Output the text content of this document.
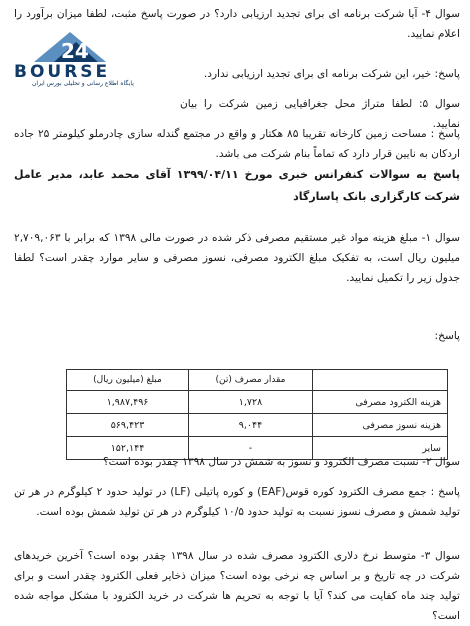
سوال ۴- آیا شرکت برنامه ای برای تجدید ارزیابی دارد؟ در صورت پاسخ مثبت، لطفا میزان برآورد را اعلام نمایید.

24
BOURSE
پایگاه اطلاع رسانی و تحلیلی بورس ایران

پاسخ: خیر، این شرکت برنامه ای برای تجدید ارزیابی ندارد.

سوال ۵: لطفا متراژ محل جغرافیایی زمین شرکت را بیان نمایید.

پاسخ : مساحت زمین کارخانه تقریبا ۸۵ هکتار و واقع در مجتمع گندله سازی چادرملو کیلومتر ۲۵ جاده اردکان به نایین قرار دارد که تماماً بنام شرکت می باشد.

پاسخ به سوالات کنفرانس خبری مورخ ۱۳۹۹/۰۴/۱۱ آقای محمد عابد، مدیر عامل شرکت کارگزاری بانک پاسارگاد

سوال ۱- مبلغ هزینه مواد غیر مستقیم مصرفی ذکر شده در صورت مالی ۱۳۹۸ که برابر با ۲,۷۰۹,۰۶۳ میلیون ریال است، به تفکیک مبلغ الکترود مصرفی، نسوز مصرفی و سایر موارد چقدر است؟ لطفا جدول زیر را تکمیل نمایید.

پاسخ:

	مقدار مصرف (تن)	مبلغ (میلیون ریال)
هزینه الکترود مصرفی	۱,۷۲۸	۱,۹۸۷,۴۹۶
هزینه نسوز مصرفی	۹,۰۴۴	۵۶۹,۴۲۳
سایر	-	۱۵۲,۱۴۴

سوال ۲- نسبت مصرف الکترود و نسوز به شمش در سال ۱۳۹۸ چقدر بوده است؟

پاسخ : جمع مصرف الکترود کوره قوس(EAF) و کوره پاتیلی (LF) در تولید حدود ۲ کیلوگرم در هر تن تولید شمش و مصرف نسوز نسبت به تولید حدود ۱۰/۵ کیلوگرم در هر تن تولید شمش بوده است.

سوال ۳- متوسط نرخ دلاری الکترود مصرف شده در سال ۱۳۹۸ چقدر بوده است؟ آخرین خریدهای شرکت در چه تاریخ و بر اساس چه نرخی بوده است؟ میزان ذخایر فعلی الکترود چقدر است و برای تولید چند ماه کفایت می کند؟ آیا با توجه به تحریم ها شرکت در خرید الکترود با مشکل مواجه شده است؟
